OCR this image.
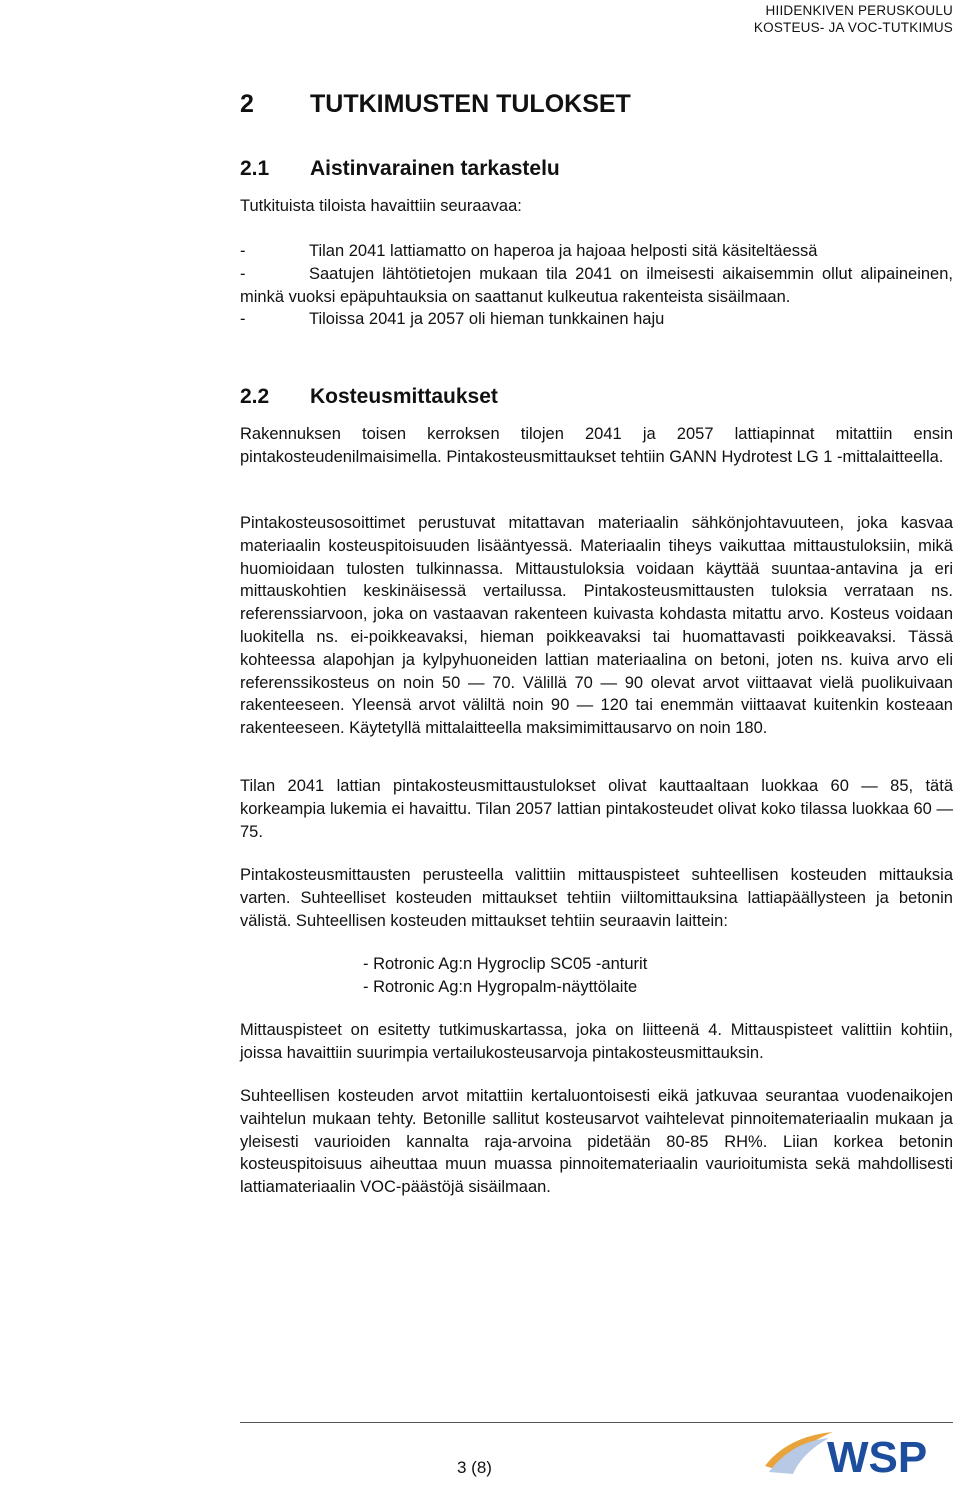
HIIDENKIVEN PERUSKOULU
KOSTEUS- JA VOC-TUTKIMUS
2 TUTKIMUSTEN TULOKSET
2.1 Aistinvarainen tarkastelu

Tutkituista tiloista havaittiin seuraavaa:

-	Tilan 2041 lattiamatto on haperoa ja hajoaa helposti sitä käsiteltäessä
-	Saatujen lähtötietojen mukaan tila 2041 on ilmeisesti aikaisemmin ollut alipaineinen, minkä vuoksi epäpuhtauksia on saattanut kulkeutua rakenteista sisäilmaan.
-	Tiloissa 2041 ja 2057 oli hieman tunkkainen haju
2.2 Kosteusmittaukset

Rakennuksen toisen kerroksen tilojen 2041 ja 2057 lattiapinnat mitattiin ensin pintakosteudenilmaisimella. Pintakosteusmittaukset tehtiin GANN Hydrotest LG 1 -mittalaitteella.

Pintakosteusosoittimet perustuvat mitattavan materiaalin sähkönjohtavuuteen, joka kasvaa materiaalin kosteuspitoisuuden lisääntyessä. Materiaalin tiheys vaikuttaa mittaustuloksiin, mikä huomioidaan tulosten tulkinnassa. Mittaustuloksia voidaan käyttää suuntaa-antavina ja eri mittauskohtien keskinäisessä vertailussa. Pintakosteusmittausten tuloksia verrataan ns. referenssiarvoon, joka on vastaavan rakenteen kuivasta kohdasta mitattu arvo. Kosteus voidaan luokitella ns. ei-poikkeavaksi, hieman poikkeavaksi tai huomattavasti poikkeavaksi. Tässä kohteessa alapohjan ja kylpyhuoneiden lattian materiaalina on betoni, joten ns. kuiva arvo eli referenssikosteus on noin 50 — 70. Välillä 70 — 90 olevat arvot viittaavat vielä puolikuivaan rakenteeseen. Yleensä arvot väliltä noin 90 — 120 tai enemmän viittaavat kuitenkin kosteaan rakenteeseen. Käytetyllä mittalaitteella maksimimittausarvo on noin 180.

Tilan 2041 lattian pintakosteusmittaustulokset olivat kauttaaltaan luokkaa 60 — 85, tätä korkeampia lukemia ei havaittu. Tilan 2057 lattian pintakosteudet olivat koko tilassa luokkaa 60 — 75.

Pintakosteusmittausten perusteella valittiin mittauspisteet suhteellisen kosteuden mittauksia varten. Suhteelliset kosteuden mittaukset tehtiin viiltomittauksina lattiapäällysteen ja betonin välistä. Suhteellisen kosteuden mittaukset tehtiin seuraavin laittein:

- Rotronic Ag:n Hygroclip SC05 -anturit
- Rotronic Ag:n Hygropalm-näyttölaite

Mittauspisteet on esitetty tutkimuskartassa, joka on liitteenä 4. Mittauspisteet valittiin kohtiin, joissa havaittiin suurimpia vertailukosteusarvoja pintakosteusmittauksin.

Suhteellisen kosteuden arvot mitattiin kertaluontoisesti eikä jatkuvaa seurantaa vuodenaikojen vaihtelun mukaan tehty. Betonille sallitut kosteusarvot vaihtelevat pinnoitemateriaalin mukaan ja yleisesti vaurioiden kannalta raja-arvoina pidetään 80-85 RH%. Liian korkea betonin kosteuspitoisuus aiheuttaa muun muassa pinnoitemateriaalin vaurioitumista sekä mahdollisesti lattiamateriaalin VOC-päästöjä sisäilmaan.

3 (8)	WSP
